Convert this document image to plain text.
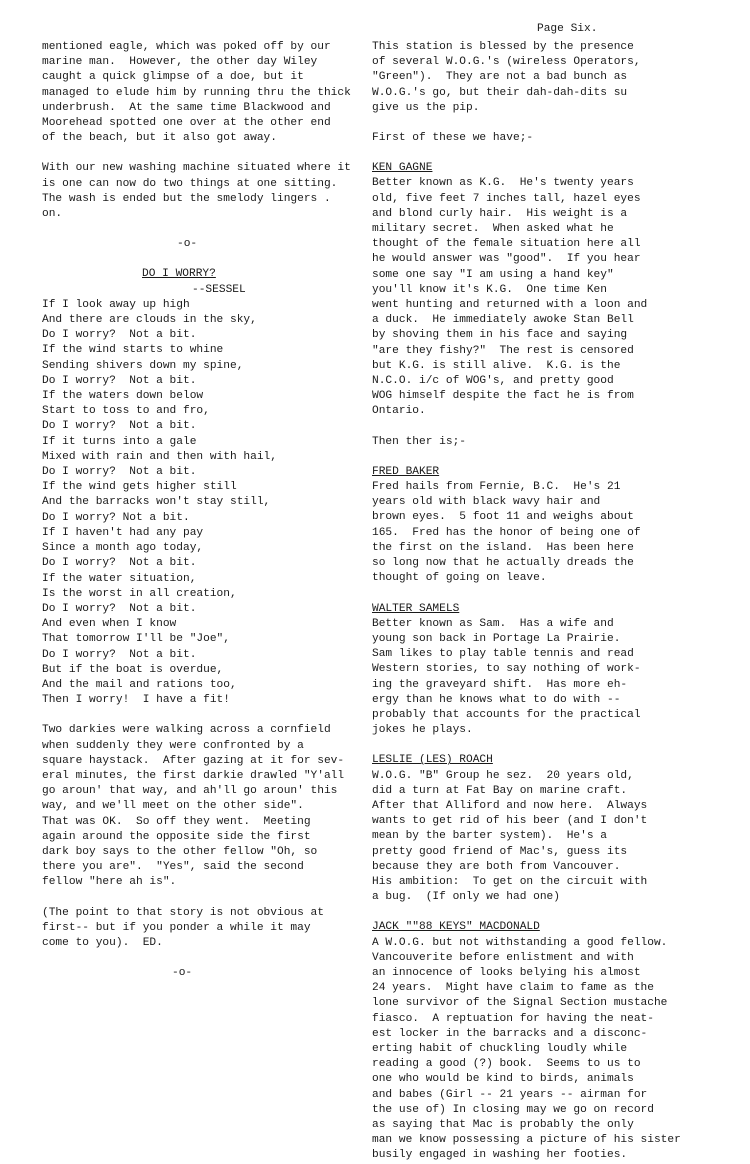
Page Six.

mentioned eagle, which was poked off by our
marine man.  However, the other day Wiley
caught a quick glimpse of a doe, but it
managed to elude him by running thru the thick
underbrush.  At the same time Blackwood and
Moorehead spotted one over at the other end
of the beach, but it also got away.

With our new washing machine situated where it
is one can now do two things at one sitting.
The wash is ended but the smelody lingers .
on.

-o-

DO I WORRY?

--SESSEL

If I look away up high
And there are clouds in the sky,
Do I worry?  Not a bit.
If the wind starts to whine
Sending shivers down my spine,
Do I worry?  Not a bit.
If the waters down below
Start to toss to and fro,
Do I worry?  Not a bit.
If it turns into a gale
Mixed with rain and then with hail,
Do I worry?  Not a bit.
If the wind gets higher still
And the barracks won't stay still,
Do I worry? Not a bit.
If I haven't had any pay
Since a month ago today,
Do I worry?  Not a bit.
If the water situation,
Is the worst in all creation,
Do I worry?  Not a bit.
And even when I know
That tomorrow I'll be "Joe",
Do I worry?  Not a bit.
But if the boat is overdue,
And the mail and rations too,
Then I worry!  I have a fit!

Two darkies were walking across a cornfield
when suddenly they were confronted by a
square haystack.  After gazing at it for sev-
eral minutes, the first darkie drawled "Y'all
go aroun' that way, and ah'll go aroun' this
way, and we'll meet on the other side".
That was OK.  So off they went.  Meeting
again around the opposite side the first
dark boy says to the other fellow "Oh, so
there you are".  "Yes", said the second
fellow "here ah is".

(The point to that story is not obvious at
first-- but if you ponder a while it may
come to you).  ED.

-o-

This station is blessed by the presence
of several W.O.G.'s (wireless Operators,
"Green").  They are not a bad bunch as
W.O.G.'s go, but their dah-dah-dits su
give us the pip.

First of these we have;-

KEN GAGNE

Better known as K.G.  He's twenty years
old, five feet 7 inches tall, hazel eyes
and blond curly hair.  His weight is a
military secret.  When asked what he
thought of the female situation here all
he would answer was "good".  If you hear
some one say "I am using a hand key"
you'll know it's K.G.  One time Ken
went hunting and returned with a loon and
a duck.  He immediately awoke Stan Bell
by shoving them in his face and saying
"are they fishy?"  The rest is censored
but K.G. is still alive.  K.G. is the
N.C.O. i/c of WOG's, and pretty good
WOG himself despite the fact he is from
Ontario.

Then ther is;-

FRED BAKER

Fred hails from Fernie, B.C.  He's 21
years old with black wavy hair and
brown eyes.  5 foot 11 and weighs about
165.  Fred has the honor of being one of
the first on the island.  Has been here
so long now that he actually dreads the
thought of going on leave.

WALTER SAMELS

Better known as Sam.  Has a wife and
young son back in Portage La Prairie.
Sam likes to play table tennis and read
Western stories, to say nothing of work-
ing the graveyard shift.  Has more eh-
ergy than he knows what to do with --
probably that accounts for the practical
jokes he plays.

LESLIE (LES) ROACH

W.O.G. "B" Group he sez.  20 years old,
did a turn at Fat Bay on marine craft.
After that Alliford and now here.  Always
wants to get rid of his beer (and I don't
mean by the barter system).  He's a
pretty good friend of Mac's, guess its
because they are both from Vancouver.
His ambition:  To get on the circuit with
a bug.  (If only we had one)

JACK ""88 KEYS" MACDONALD

A W.O.G. but not withstanding a good fellow.
Vancouverite before enlistment and with
an innocence of looks belying his almost
24 years.  Might have claim to fame as the
lone survivor of the Signal Section mustache
fiasco.  A reptuation for having the neat-
est locker in the barracks and a disconc-
erting habit of chuckling loudly while
reading a good (?) book.  Seems to us to
one who would be kind to birds, animals
and babes (Girl -- 21 years -- airman for
the use of) In closing may we go on record
as saying that Mac is probably the only
man we know possessing a picture of his sister
busily engaged in washing her footies.
